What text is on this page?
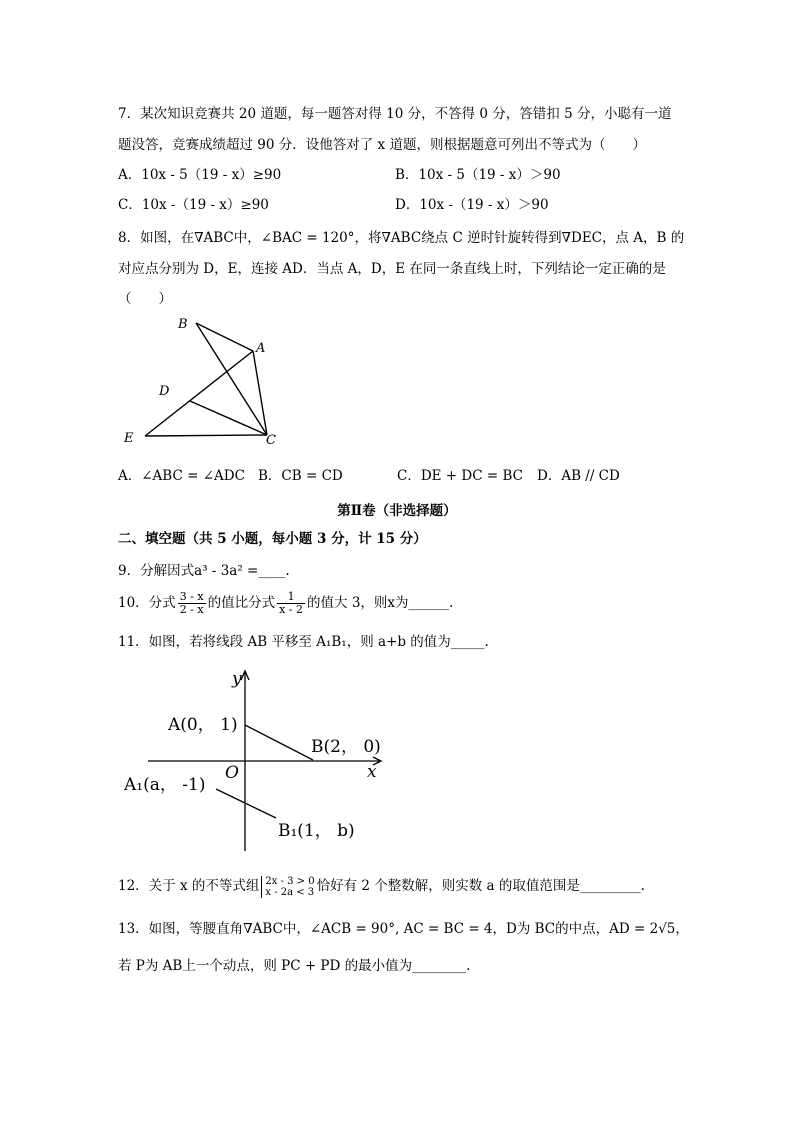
7．某次知识竞赛共 20 道题，每一题答对得 10 分，不答得 0 分，答错扣 5 分，小聪有一道
题没答，竞赛成绩超过 90 分．设他答对了 x 道题，则根据题意可列出不等式为（　　）
A．10x - 5（19 - x）≥90	B．10x - 5（19 - x）＞90
C．10x -（19 - x）≥90	D．10x -（19 - x）＞90
8．如图，在∇ABC中，∠BAC = 120°，将∇ABC绕点 C 逆时针旋转得到∇DEC，点 A，B 的
对应点分别为 D，E，连接 AD．当点 A，D，E 在同一条直线上时，下列结论一定正确的是
（　　）
B
A
D
E	C
A．∠ABC = ∠ADC B．CB = CD	C．DE + DC = BC D．AB // CD
第Ⅱ卷（非选择题）
二、填空题（共 5 小题，每小题 3 分，计 15 分）
9．分解因式a³ - 3a² =____.
10．分式 $\frac{3 - x}{2 - x}$ 的值比分式 $\frac{1}{x - 2}$ 的值大 3，则x为______.
11．如图，若将线段 AB 平移至 A₁B₁，则 a+b 的值为_____.
y
x
O
A(0， 1)
B(2， 0)
A₁(a， -1)
B₁(1， b)
12．关于 x 的不等式组 2x - 3 > 0
x - 2a < 3 恰好有 2 个整数解，则实数 a 的取值范围是_________.
13．如图，等腰直角∇ABC中，∠ACB = 90°, AC = BC = 4，D为 BC的中点，AD = 2√5，
若 P为 AB上一个动点，则 PC + PD 的最小值为________.
